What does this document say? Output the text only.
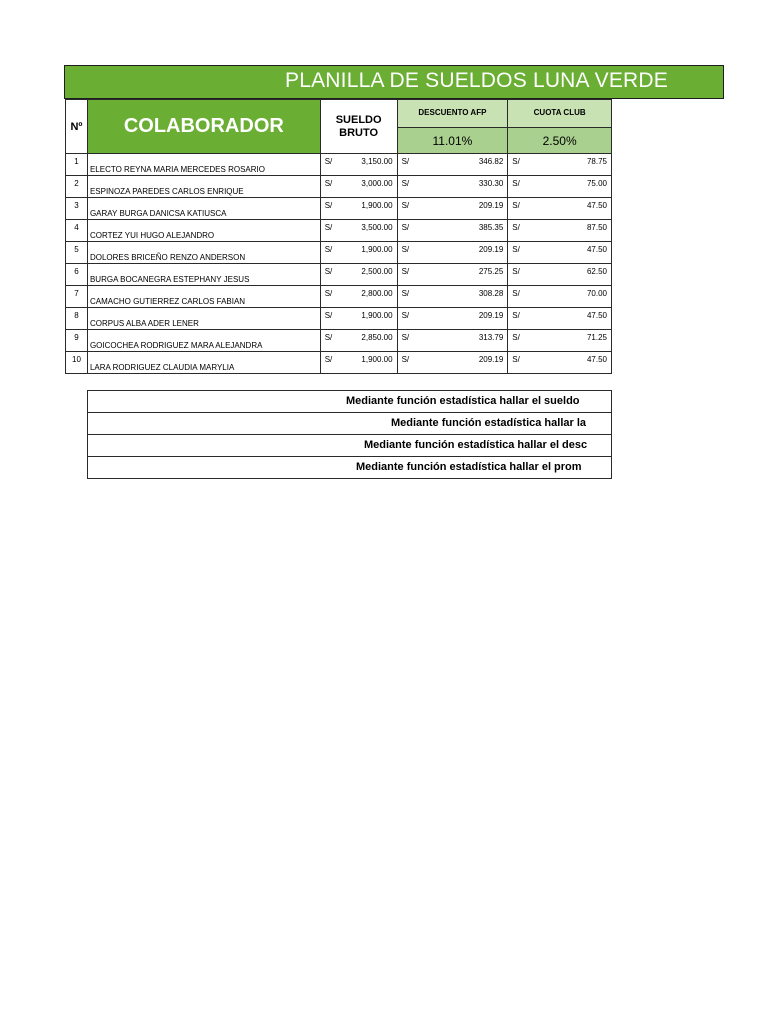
PLANILLA DE SUELDOS LUNA VERDE
Nº	COLABORADOR	SUELDO BRUTO	DESCUENTO AFP	CUOTA CLUB
			11.01%	2.50%
1	ELECTO REYNA MARIA MERCEDES ROSARIO	S/ 3,150.00	S/ 346.82	S/ 78.75

2	ESPINOZA PAREDES CARLOS ENRIQUE	S/ 3,000.00	S/ 330.30	S/ 75.00

3	GARAY BURGA DANICSA KATIUSCA	S/ 1,900.00	S/ 209.19	S/ 47.50

4	CORTEZ YUI HUGO ALEJANDRO	S/ 3,500.00	S/ 385.35	S/ 87.50

5	DOLORES BRICEÑO RENZO ANDERSON	S/ 1,900.00	S/ 209.19	S/ 47.50

6	BURGA BOCANEGRA ESTEPHANY JESUS	S/ 2,500.00	S/ 275.25	S/ 62.50

7	CAMACHO GUTIERREZ CARLOS FABIAN	S/ 2,800.00	S/ 308.28	S/ 70.00

8	CORPUS ALBA ADER LENER	S/ 1,900.00	S/ 209.19	S/ 47.50

9	GOICOCHEA RODRIGUEZ MARA ALEJANDRA	S/ 2,850.00	S/ 313.79	S/ 71.25

10	LARA RODRIGUEZ CLAUDIA MARYLIA	S/ 1,900.00	S/ 209.19	S/ 47.50
Mediante función estadística hallar el sueldo

Mediante función estadística hallar la

Mediante función estadística hallar el desc

Mediante función estadística hallar el prom
